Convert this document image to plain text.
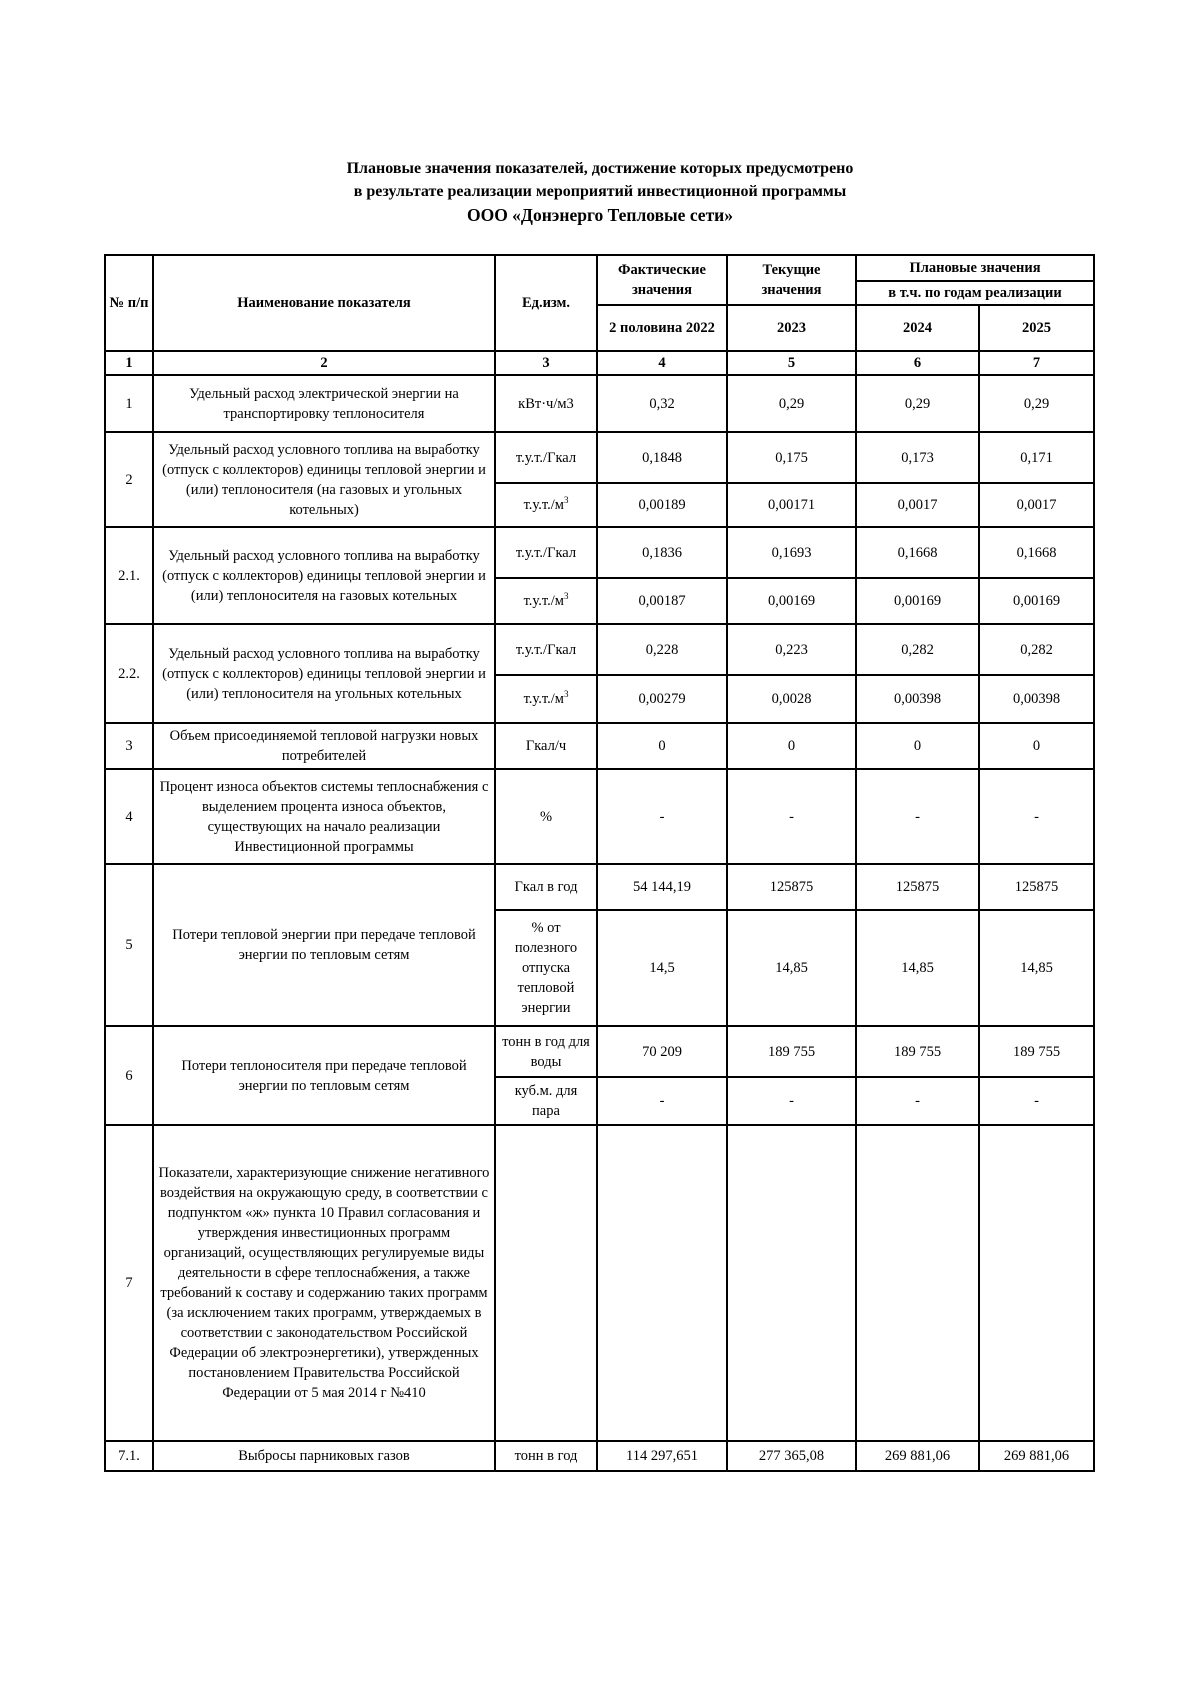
Плановые значения показателей, достижение которых предусмотрено
в результате реализации мероприятий инвестиционной программы
ООО «Донэнерго Тепловые сети»
№ п/п	Наименование показателя	Ед.изм.	Фактические значения	Текущие значения	Плановые значения	
					в т.ч. по годам реализации	
			2 половина 2022	2023	2024	2025
1	2	3	4	5	6	7
1	Удельный расход электрической энергии на транспортировку теплоносителя	кВт·ч/м3	0,32	0,29	0,29	0,29
2	Удельный расход условного топлива на выработку (отпуск с коллекторов) единицы тепловой энергии и (или) теплоносителя (на газовых и угольных котельных)	т.у.т./Гкал	0,1848	0,175	0,173	0,171
		$т.у.т./м^3$	0,00189	0,00171	0,0017	0,0017
2.1.	Удельный расход условного топлива на выработку (отпуск с коллекторов) единицы тепловой энергии и (или) теплоносителя на газовых котельных	т.у.т./Гкал	0,1836	0,1693	0,1668	0,1668
		$т.у.т./м^3$	0,00187	0,00169	0,00169	0,00169
2.2.	Удельный расход условного топлива на выработку (отпуск с коллекторов) единицы тепловой энергии и (или) теплоносителя на угольных котельных	т.у.т./Гкал	0,228	0,223	0,282	0,282
		$т.у.т./м^3$	0,00279	0,0028	0,00398	0,00398
3	Объем присоединяемой тепловой нагрузки новых потребителей	Гкал/ч	0	0	0	0
4	Процент износа объектов системы теплоснабжения с выделением процента износа объектов, существующих на начало реализации Инвестиционной программы	%	-	-	-	-
5	Потери тепловой энергии при передаче тепловой энергии по тепловым сетям	Гкал в год	54 144,19	125875	125875	125875
		% от полезного отпуска тепловой энергии	14,5	14,85	14,85	14,85
6	Потери теплоносителя при передаче тепловой энергии по тепловым сетям	тонн в год для воды	70 209	189 755	189 755	189 755
		куб.м. для пара	-	-	-	-
7	Показатели, характеризующие снижение негативного воздействия на окружающую среду, в соответствии с подпунктом «ж» пункта 10 Правил согласования и утверждения инвестиционных программ организаций, осуществляющих регулируемые виды деятельности в сфере теплоснабжения, а также требований к составу и содержанию таких программ (за исключением таких программ, утверждаемых в соответствии с законодательством Российской Федерации об электроэнергетики), утвержденных постановлением Правительства Российской Федерации от 5 мая 2014 г №410					
7.1.	Выбросы парниковых газов	тонн в год	114 297,651	277 365,08	269 881,06	269 881,06
